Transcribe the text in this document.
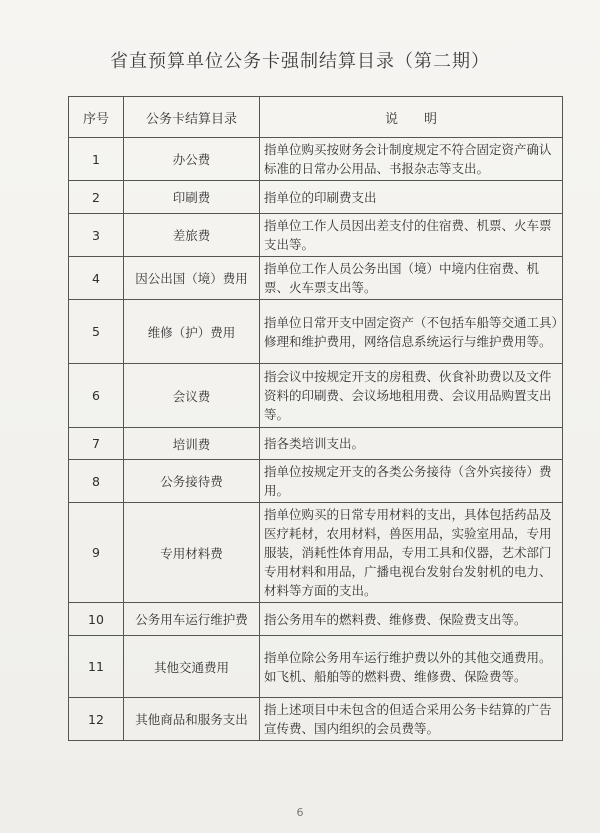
省直预算单位公务卡强制结算目录（第二期）
序号	公务卡结算目录	说　　明
1	办公费	指单位购买按财务会计制度规定不符合固定资产确认标准的日常办公用品、书报杂志等支出。
2	印刷费	指单位的印刷费支出
3	差旅费	指单位工作人员因出差支付的住宿费、机票、火车票支出等。
4	因公出国（境）费用	指单位工作人员公务出国（境）中境内住宿费、机票、火车票支出等。
5	维修（护）费用	指单位日常开支中固定资产（不包括车船等交通工具）修理和维护费用，网络信息系统运行与维护费用等。
6	会议费	指会议中按规定开支的房租费、伙食补助费以及文件资料的印刷费、会议场地租用费、会议用品购置支出等。
7	培训费	指各类培训支出。
8	公务接待费	指单位按规定开支的各类公务接待（含外宾接待）费用。
9	专用材料费	指单位购买的日常专用材料的支出，具体包括药品及医疗耗材，农用材料，兽医用品，实验室用品，专用服装，消耗性体育用品，专用工具和仪器，艺术部门专用材料和用品，广播电视台发射台发射机的电力、材料等方面的支出。
10	公务用车运行维护费	指公务用车的燃料费、维修费、保险费支出等。
11	其他交通费用	指单位除公务用车运行维护费以外的其他交通费用。如飞机、船舶等的燃料费、维修费、保险费等。
12	其他商品和服务支出	指上述项目中未包含的但适合采用公务卡结算的广告宣传费、国内组织的会员费等。
6
